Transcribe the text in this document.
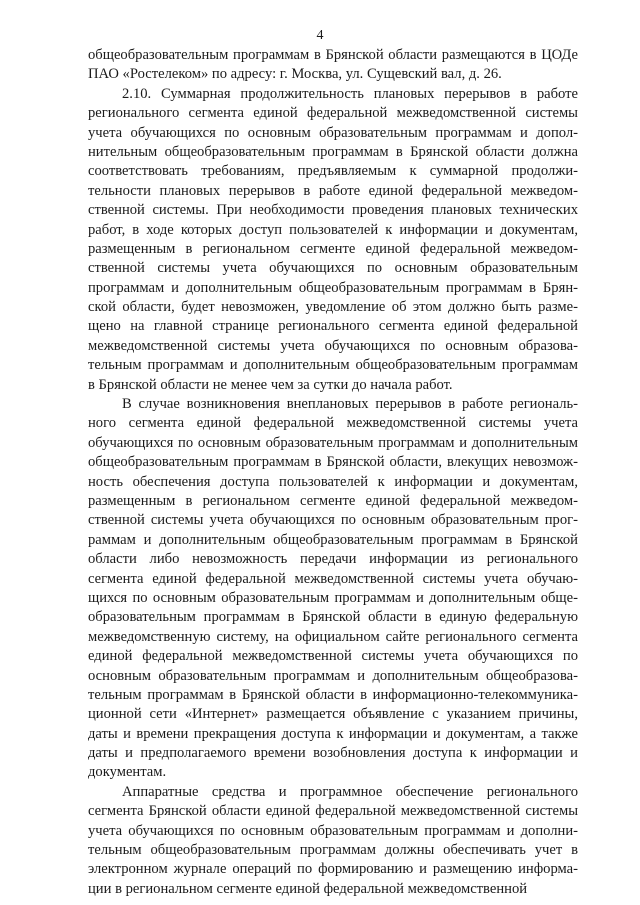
4
общеобразовательным программам в Брянской области размещаются в ЦОДе
ПАО «Ростелеком» по адресу: г. Москва, ул. Сущевский вал, д. 26.
2.10. Суммарная продолжительность плановых перерывов в работе
регионального сегмента единой федеральной межведомственной системы
учета обучающихся по основным образовательным программам и допол-
нительным общеобразовательным программам в Брянской области должна
соответствовать требованиям, предъявляемым к суммарной продолжи-
тельности плановых перерывов в работе единой федеральной межведом-
ственной системы. При необходимости проведения плановых технических
работ, в ходе которых доступ пользователей к информации и документам,
размещенным в региональном сегменте единой федеральной межведом-
ственной системы учета обучающихся по основным образовательным
программам и дополнительным общеобразовательным программам в Брян-
ской области, будет невозможен, уведомление об этом должно быть разме-
щено на главной странице регионального сегмента единой федеральной
межведомственной системы учета обучающихся по основным образова-
тельным программам и дополнительным общеобразовательным программам
в Брянской области не менее чем за сутки до начала работ.
В случае возникновения внеплановых перерывов в работе региональ-
ного сегмента единой федеральной межведомственной системы учета
обучающихся по основным образовательным программам и дополнительным
общеобразовательным программам в Брянской области, влекущих невозмож-
ность обеспечения доступа пользователей к информации и документам,
размещенным в региональном сегменте единой федеральной межведом-
ственной системы учета обучающихся по основным образовательным прог-
раммам и дополнительным общеобразовательным программам в Брянской
области либо невозможность передачи информации из регионального
сегмента единой федеральной межведомственной системы учета обучаю-
щихся по основным образовательным программам и дополнительным обще-
образовательным программам в Брянской области в единую федеральную
межведомственную систему, на официальном сайте регионального сегмента
единой федеральной межведомственной системы учета обучающихся по
основным образовательным программам и дополнительным общеобразова-
тельным программам в Брянской области в информационно-телекоммуника-
ционной сети «Интернет» размещается объявление с указанием причины,
даты и времени прекращения доступа к информации и документам, а также
даты и предполагаемого времени возобновления доступа к информации и
документам.
Аппаратные средства и программное обеспечение регионального
сегмента Брянской области единой федеральной межведомственной системы
учета обучающихся по основным образовательным программам и дополни-
тельным общеобразовательным программам должны обеспечивать учет в
электронном журнале операций по формированию и размещению информа-
ции в региональном сегменте единой федеральной межведомственной
